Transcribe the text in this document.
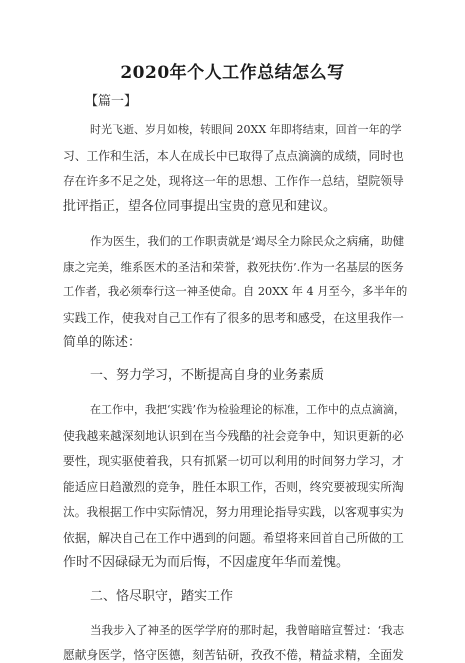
2020年个人工作总结怎么写
【篇一】
时光飞逝、岁月如梭，转眼间 20XX 年即将结束，回首一年的学
习、工作和生活，本人在成长中已取得了点点滴滴的成绩，同时也
存在许多不足之处，现将这一年的思想、工作作一总结，望院领导
批评指正，望各位同事提出宝贵的意见和建议。
作为医生，我们的工作职责就是‘竭尽全力除民众之病痛，助健
康之完美，维系医术的圣洁和荣誉，救死扶伤’.作为一名基层的医务
工作者，我必须奉行这一神圣使命。自 20XX 年 4 月至今，多半年的
实践工作，使我对自己工作有了很多的思考和感受，在这里我作一
简单的陈述：
一、努力学习，不断提高自身的业务素质
在工作中，我把‘实践’作为检验理论的标准，工作中的点点滴滴，
使我越来越深刻地认识到在当今残酷的社会竞争中，知识更新的必
要性，现实驱使着我，只有抓紧一切可以利用的时间努力学习，才
能适应日趋激烈的竞争，胜任本职工作，否则，终究要被现实所淘
汰。我根据工作中实际情况，努力用理论指导实践，以客观事实为
依据，解决自己在工作中遇到的问题。希望将来回首自己所做的工
作时不因碌碌无为而后悔，不因虚度年华而羞愧。
二、恪尽职守，踏实工作
当我步入了神圣的医学学府的那时起，我曾暗暗宣誓过：‘我志
愿献身医学，恪守医德，刻苦钻研，孜孜不倦，精益求精，全面发
